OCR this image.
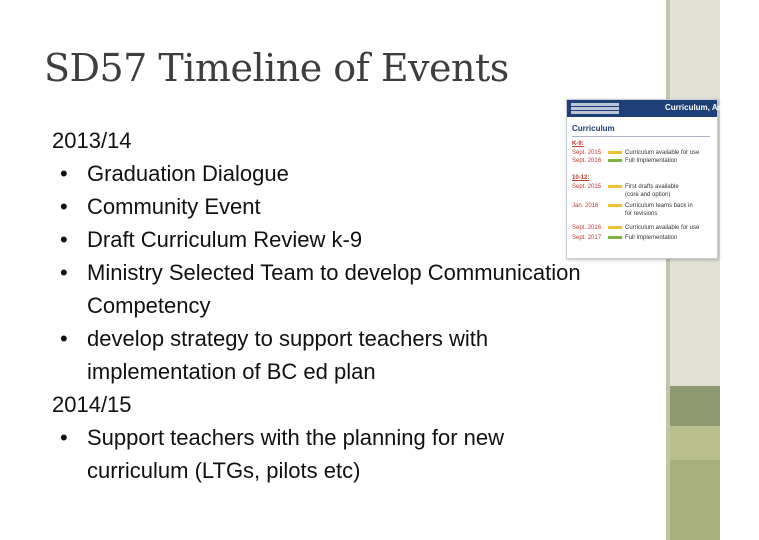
SD57 Timeline of Events
Curriculum, Assessment
Curriculum
K-9:
Sept. 2015	Curriculum available for use
Sept. 2016	Full Implementation
10-12:
Sept. 2015	First drafts available
(core and option)
Jan. 2016	Curriculum teams back in
for revisions
Sept. 2016	Curriculum available for use
Sept. 2017	Full Implementation
2013/14
• Graduation Dialogue
• Community Event
• Draft Curriculum Review k-9
• Ministry Selected Team to develop Communication
Competency
• develop strategy to support teachers with
implementation of BC ed plan
2014/15
• Support teachers with the planning for new
curriculum (LTGs, pilots etc)
